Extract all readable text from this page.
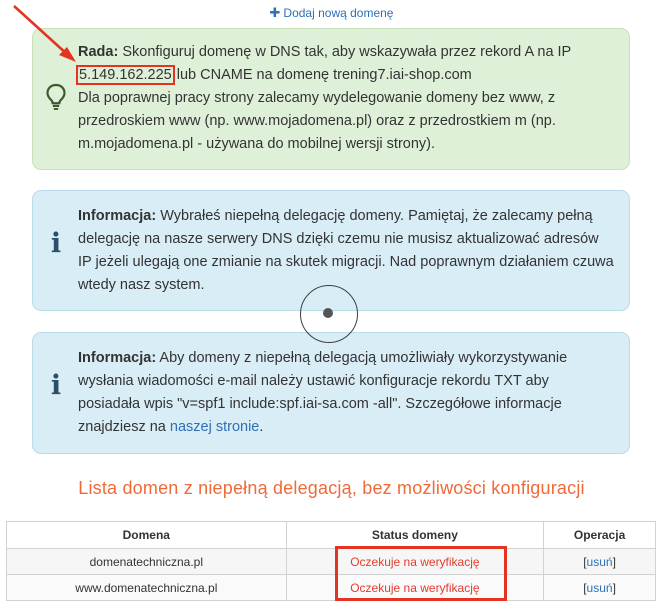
✚ Dodaj nową domenę
Rada: Skonfiguruj domenę w DNS tak, aby wskazywała przez rekord A na IP
5.149.162.225 lub CNAME na domenę trening7.iai-shop.com
Dla poprawnej pracy strony zalecamy wydelegowanie domeny bez www, z przedroskiem www (np. www.mojadomena.pl) oraz z przedrostkiem m (np. m.mojadomena.pl - używana do mobilnej wersji strony).
i
Informacja: Wybrałeś niepełną delegację domeny. Pamiętaj, że zalecamy pełną delegację na nasze serwery DNS dzięki czemu nie musisz aktualizować adresów IP jeżeli ulegają one zmianie na skutek migracji. Nad poprawnym działaniem czuwa wtedy nasz system.
i
Informacja: Aby domeny z niepełną delegacją umożliwiały wykorzystywanie wysłania wiadomości e-mail należy ustawić konfiguracje rekordu TXT aby posiadała wpis "v=spf1 include:spf.iai-sa.com -all". Szczegółowe informacje znajdziesz na naszej stronie.
Lista domen z niepełną delegacją, bez możliwości konfiguracji
Domena	Status domeny	Operacja
domenatechniczna.pl	Oczekuje na weryfikację	[usuń]
www.domenatechniczna.pl	Oczekuje na weryfikację	[usuń]
